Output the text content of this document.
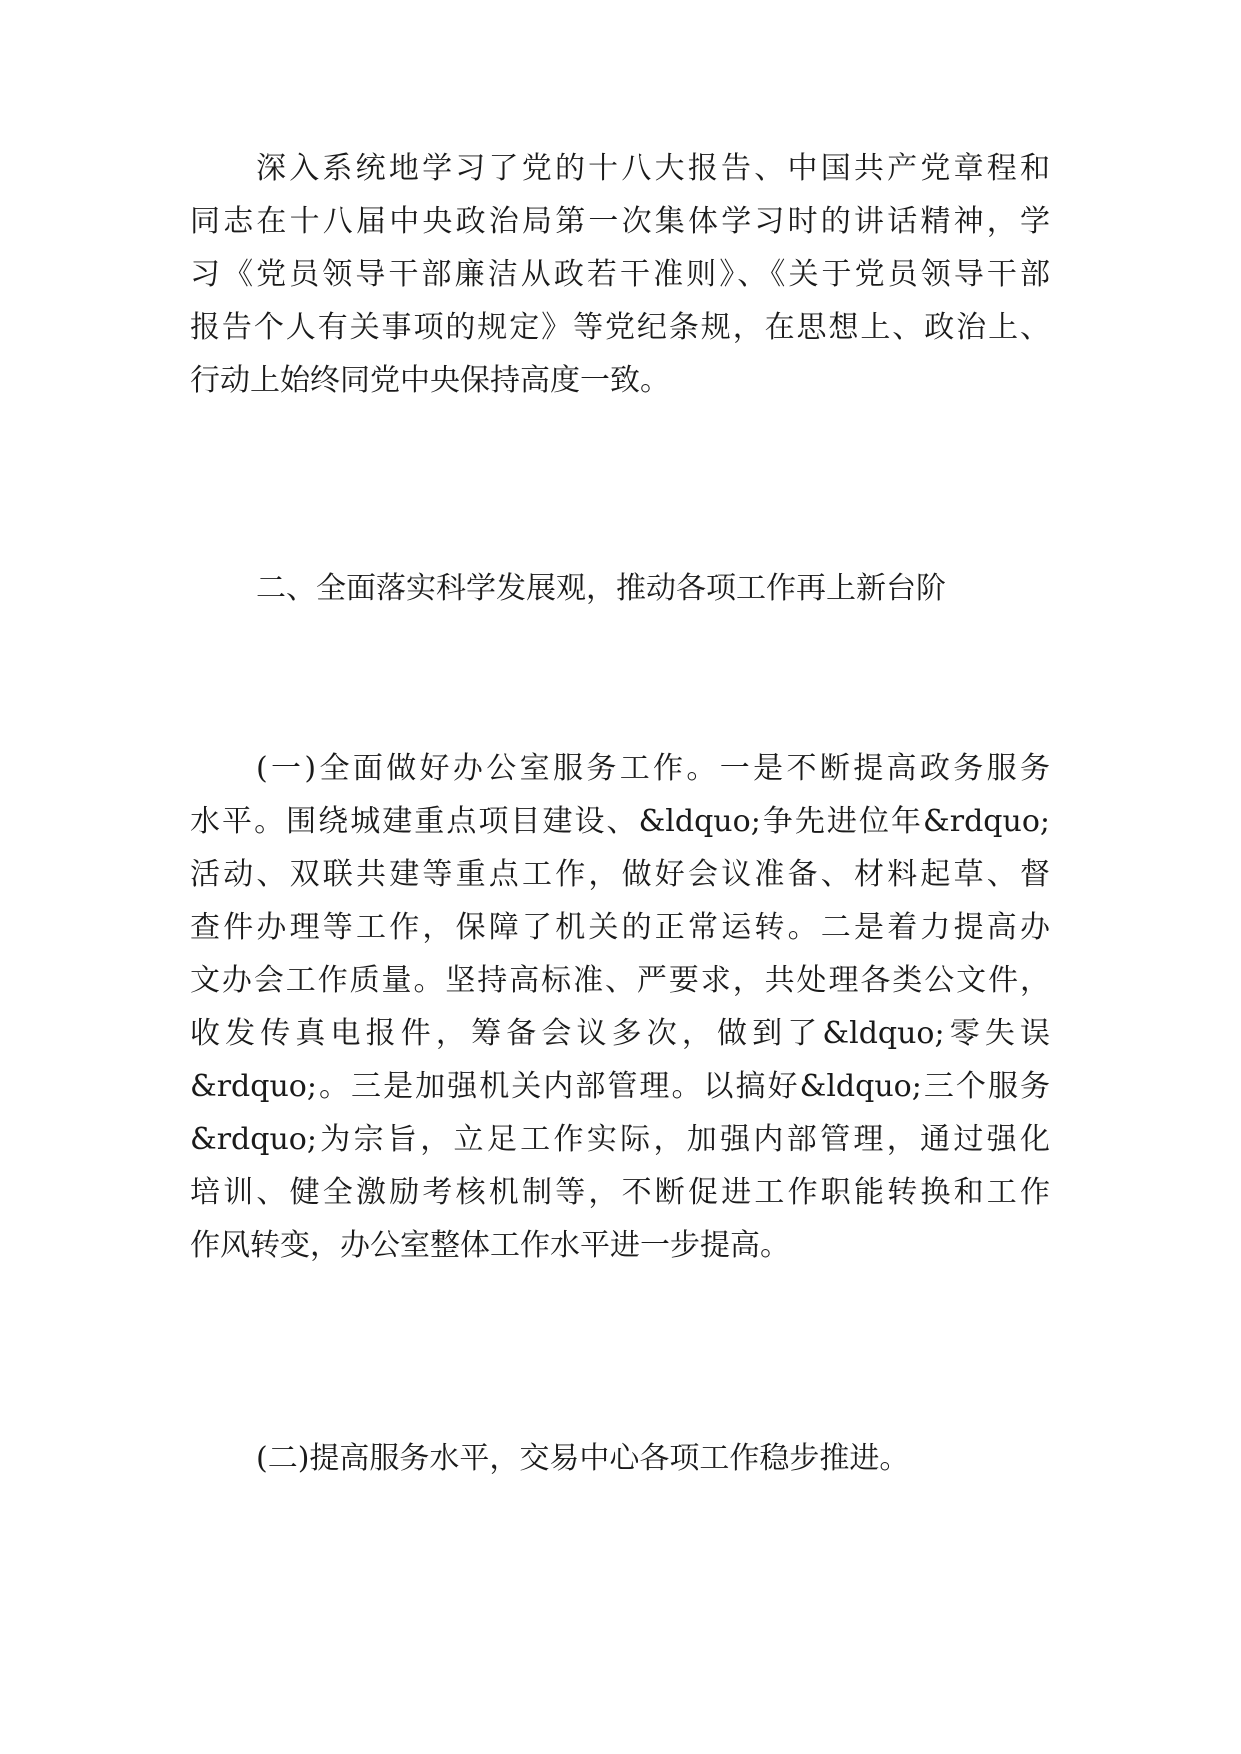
深入系统地学习了党的十八大报告、中国共产党章程和
同志在十八届中央政治局第一次集体学习时的讲话精神，学
习《党员领导干部廉洁从政若干准则》、《关于党员领导干部
报告个人有关事项的规定》等党纪条规，在思想上、政治上、
行动上始终同党中央保持高度一致。
二、全面落实科学发展观，推动各项工作再上新台阶
(一)全面做好办公室服务工作。一是不断提高政务服务
水平。围绕城建重点项目建设、&ldquo;争先进位年&rdquo;
活动、双联共建等重点工作，做好会议准备、材料起草、督
查件办理等工作，保障了机关的正常运转。二是着力提高办
文办会工作质量。坚持高标准、严要求，共处理各类公文件，
收发传真电报件，筹备会议多次，做到了&ldquo;零失误
&rdquo;。三是加强机关内部管理。以搞好&ldquo;三个服务
&rdquo;为宗旨，立足工作实际，加强内部管理，通过强化
培训、健全激励考核机制等，不断促进工作职能转换和工作
作风转变，办公室整体工作水平进一步提高。
(二)提高服务水平，交易中心各项工作稳步推进。
